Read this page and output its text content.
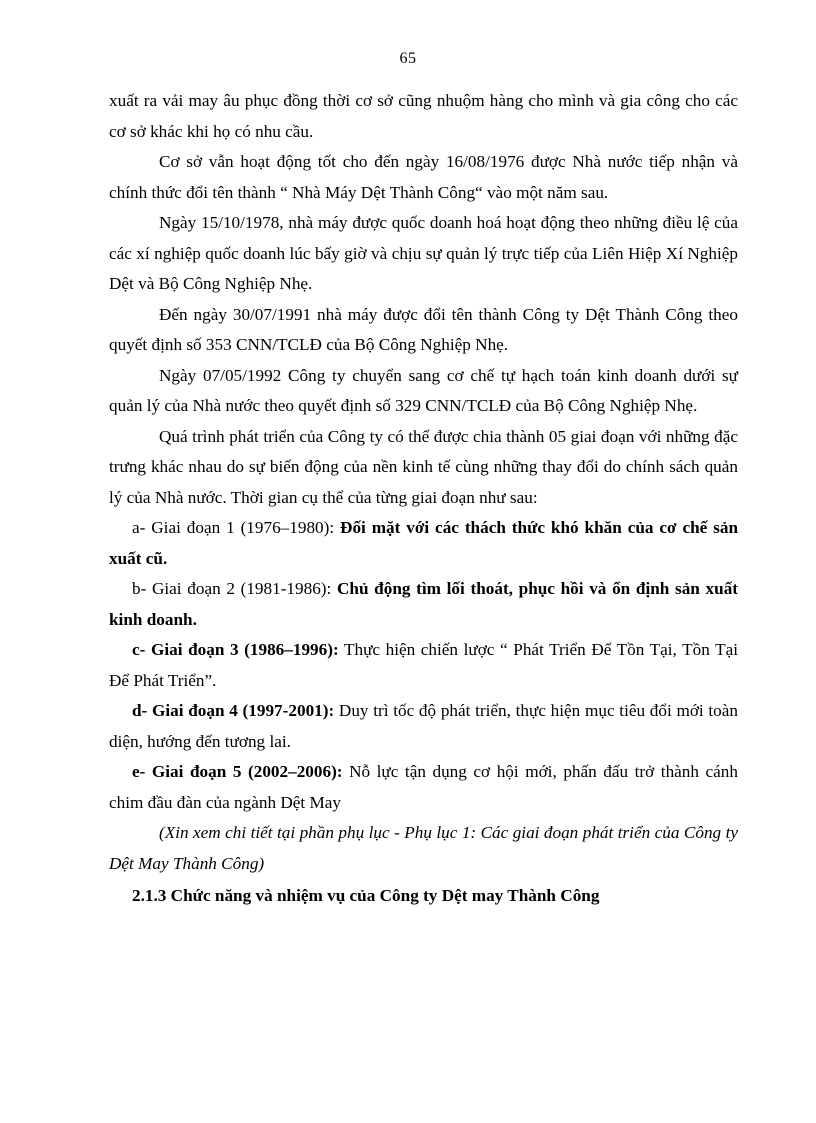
65

xuất ra vải may âu phục đồng thời cơ sở cũng nhuộm hàng cho mình và gia công cho các cơ sở khác khi họ có nhu cầu.

Cơ sở vẫn hoạt động tốt cho đến ngày 16/08/1976 được Nhà nước tiếp nhận và chính thức đổi tên thành “ Nhà Máy Dệt Thành Công“ vào một năm sau.

Ngày 15/10/1978, nhà máy được quốc doanh hoá hoạt động theo những điều lệ của các xí nghiệp quốc doanh lúc bấy giờ và chịu sự quản lý trực tiếp của Liên Hiệp Xí Nghiệp Dệt và Bộ Công Nghiệp Nhẹ.

Đến ngày 30/07/1991 nhà máy được đổi tên thành Công ty Dệt Thành Công theo quyết định số 353 CNN/TCLĐ của Bộ Công Nghiệp Nhẹ.

Ngày 07/05/1992 Công ty chuyển sang cơ chế tự hạch toán kinh doanh dưới sự quản lý của Nhà nước theo quyết định số 329 CNN/TCLĐ của Bộ Công Nghiệp Nhẹ.

Quá trình phát triển của Công ty có thể được chia thành 05 giai đoạn với những đặc trưng khác nhau do sự biến động của nền kinh tế cùng những thay đổi do chính sách quản lý của Nhà nước. Thời gian cụ thể của từng giai đoạn như sau:

a- Giai đoạn 1 (1976–1980): Đối mặt với các thách thức khó khăn của cơ chế sản xuất cũ.

b- Giai đoạn 2 (1981-1986): Chủ động tìm lối thoát, phục hồi và ổn định sản xuất kinh doanh.

c- Giai đoạn 3 (1986–1996): Thực hiện chiến lược “ Phát Triển Để Tồn Tại, Tồn Tại Để Phát Triển”.

d- Giai đoạn 4 (1997-2001): Duy trì tốc độ phát triển, thực hiện mục tiêu đổi mới toàn diện, hướng đến tương lai.

e- Giai đoạn 5 (2002–2006): Nỗ lực tận dụng cơ hội mới, phấn đấu trở thành cánh chim đầu đàn của ngành Dệt May

(Xin xem chi tiết tại phần phụ lục - Phụ lục 1: Các giai đoạn phát triển của Công ty Dệt May Thành Công)

2.1.3 Chức năng và nhiệm vụ của Công ty Dệt may Thành Công
